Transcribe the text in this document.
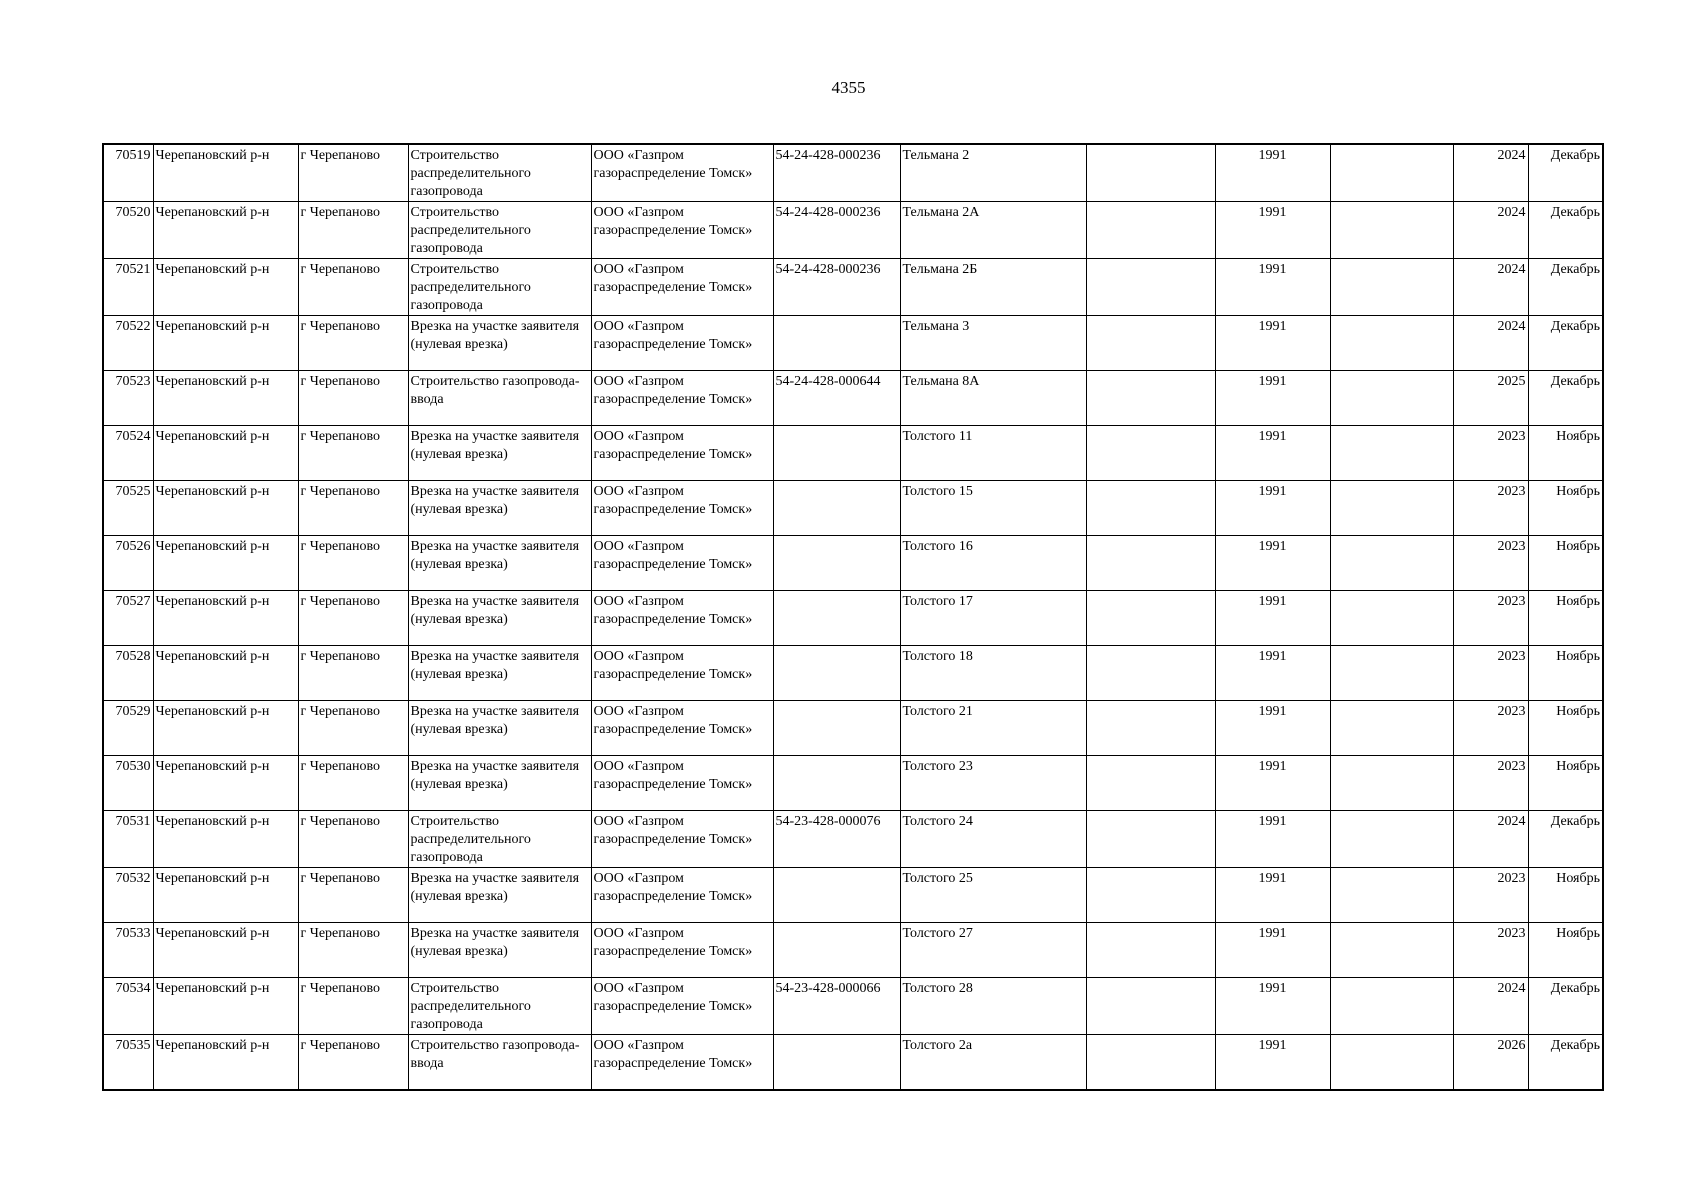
4355
70519	Черепановский р-н	г Черепаново	Строительство распределительного газопровода	ООО «Газпром газораспределение Томск»	54-24-428-000236	Тельмана 2		1991		2024	Декабрь
70520	Черепановский р-н	г Черепаново	Строительство распределительного газопровода	ООО «Газпром газораспределение Томск»	54-24-428-000236	Тельмана 2А		1991		2024	Декабрь
70521	Черепановский р-н	г Черепаново	Строительство распределительного газопровода	ООО «Газпром газораспределение Томск»	54-24-428-000236	Тельмана 2Б		1991		2024	Декабрь
70522	Черепановский р-н	г Черепаново	Врезка на участке заявителя (нулевая врезка)	ООО «Газпром газораспределение Томск»		Тельмана 3		1991		2024	Декабрь
70523	Черепановский р-н	г Черепаново	Строительство газопровода-ввода	ООО «Газпром газораспределение Томск»	54-24-428-000644	Тельмана 8А		1991		2025	Декабрь
70524	Черепановский р-н	г Черепаново	Врезка на участке заявителя (нулевая врезка)	ООО «Газпром газораспределение Томск»		Толстого 11		1991		2023	Ноябрь
70525	Черепановский р-н	г Черепаново	Врезка на участке заявителя (нулевая врезка)	ООО «Газпром газораспределение Томск»		Толстого 15		1991		2023	Ноябрь
70526	Черепановский р-н	г Черепаново	Врезка на участке заявителя (нулевая врезка)	ООО «Газпром газораспределение Томск»		Толстого 16		1991		2023	Ноябрь
70527	Черепановский р-н	г Черепаново	Врезка на участке заявителя (нулевая врезка)	ООО «Газпром газораспределение Томск»		Толстого 17		1991		2023	Ноябрь
70528	Черепановский р-н	г Черепаново	Врезка на участке заявителя (нулевая врезка)	ООО «Газпром газораспределение Томск»		Толстого 18		1991		2023	Ноябрь
70529	Черепановский р-н	г Черепаново	Врезка на участке заявителя (нулевая врезка)	ООО «Газпром газораспределение Томск»		Толстого 21		1991		2023	Ноябрь
70530	Черепановский р-н	г Черепаново	Врезка на участке заявителя (нулевая врезка)	ООО «Газпром газораспределение Томск»		Толстого 23		1991		2023	Ноябрь
70531	Черепановский р-н	г Черепаново	Строительство распределительного газопровода	ООО «Газпром газораспределение Томск»	54-23-428-000076	Толстого 24		1991		2024	Декабрь
70532	Черепановский р-н	г Черепаново	Врезка на участке заявителя (нулевая врезка)	ООО «Газпром газораспределение Томск»		Толстого 25		1991		2023	Ноябрь
70533	Черепановский р-н	г Черепаново	Врезка на участке заявителя (нулевая врезка)	ООО «Газпром газораспределение Томск»		Толстого 27		1991		2023	Ноябрь
70534	Черепановский р-н	г Черепаново	Строительство распределительного газопровода	ООО «Газпром газораспределение Томск»	54-23-428-000066	Толстого 28		1991		2024	Декабрь
70535	Черепановский р-н	г Черепаново	Строительство газопровода-ввода	ООО «Газпром газораспределение Томск»		Толстого 2а		1991		2026	Декабрь
